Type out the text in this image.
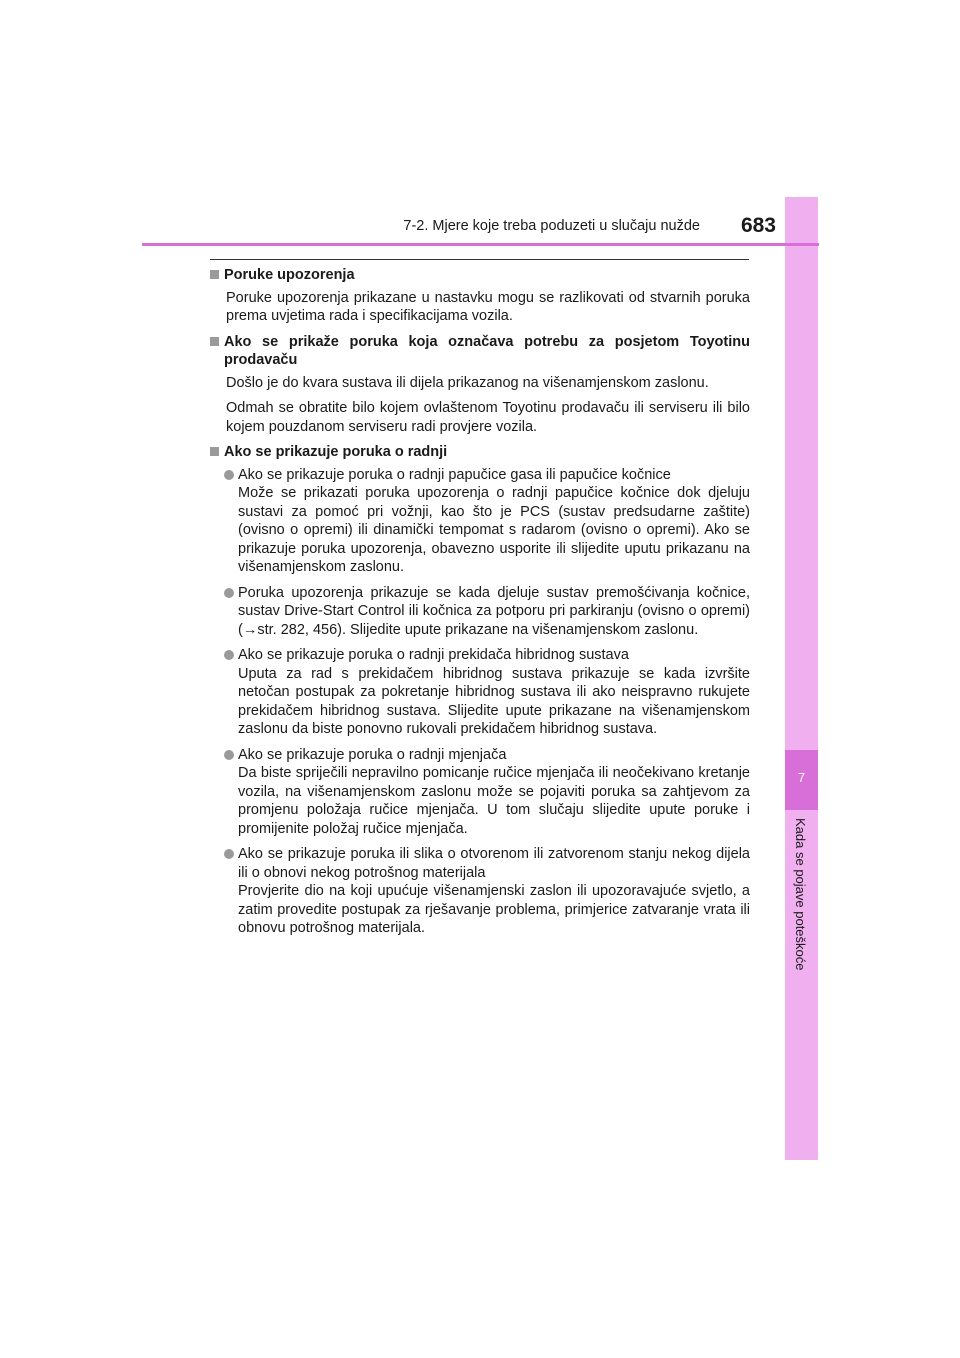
7
Kada se pojave poteškoće
7-2. Mjere koje treba poduzeti u slučaju nužde	683
Poruke upozorenja
Poruke upozorenja prikazane u nastavku mogu se razlikovati od stvarnih poruka prema uvjetima rada i specifikacijama vozila.
Ako se prikaže poruka koja označava potrebu za posjetom Toyotinu prodavaču
Došlo je do kvara sustava ili dijela prikazanog na višenamjenskom zaslonu.
Odmah se obratite bilo kojem ovlaštenom Toyotinu prodavaču ili serviseru ili bilo kojem pouzdanom serviseru radi provjere vozila.
Ako se prikazuje poruka o radnji
Ako se prikazuje poruka o radnji papučice gasa ili papučice kočnice
Može se prikazati poruka upozorenja o radnji papučice kočnice dok djeluju sustavi za pomoć pri vožnji, kao što je PCS (sustav predsudarne zaštite) (ovisno o opremi) ili dinamički tempomat s radarom (ovisno o opremi). Ako se prikazuje poruka upozorenja, obavezno usporite ili slijedite uputu prikazanu na višenamjenskom zaslonu.
Poruka upozorenja prikazuje se kada djeluje sustav premošćivanja kočnice, sustav Drive-Start Control ili kočnica za potporu pri parkiranju (ovisno o opremi) (→str. 282, 456). Slijedite upute prikazane na višenamjenskom zaslonu.
Ako se prikazuje poruka o radnji prekidača hibridnog sustava
Uputa za rad s prekidačem hibridnog sustava prikazuje se kada izvršite netočan postupak za pokretanje hibridnog sustava ili ako neispravno rukujete prekidačem hibridnog sustava. Slijedite upute prikazane na višenamjenskom zaslonu da biste ponovno rukovali prekidačem hibridnog sustava.
Ako se prikazuje poruka o radnji mjenjača
Da biste spriječili nepravilno pomicanje ručice mjenjača ili neočekivano kretanje vozila, na višenamjenskom zaslonu može se pojaviti poruka sa zahtjevom za promjenu položaja ručice mjenjača. U tom slučaju slijedite upute poruke i promijenite položaj ručice mjenjača.
Ako se prikazuje poruka ili slika o otvorenom ili zatvorenom stanju nekog dijela ili o obnovi nekog potrošnog materijala
Provjerite dio na koji upućuje višenamjenski zaslon ili upozoravajuće svjetlo, a zatim provedite postupak za rješavanje problema, primjerice zatvaranje vrata ili obnovu potrošnog materijala.
